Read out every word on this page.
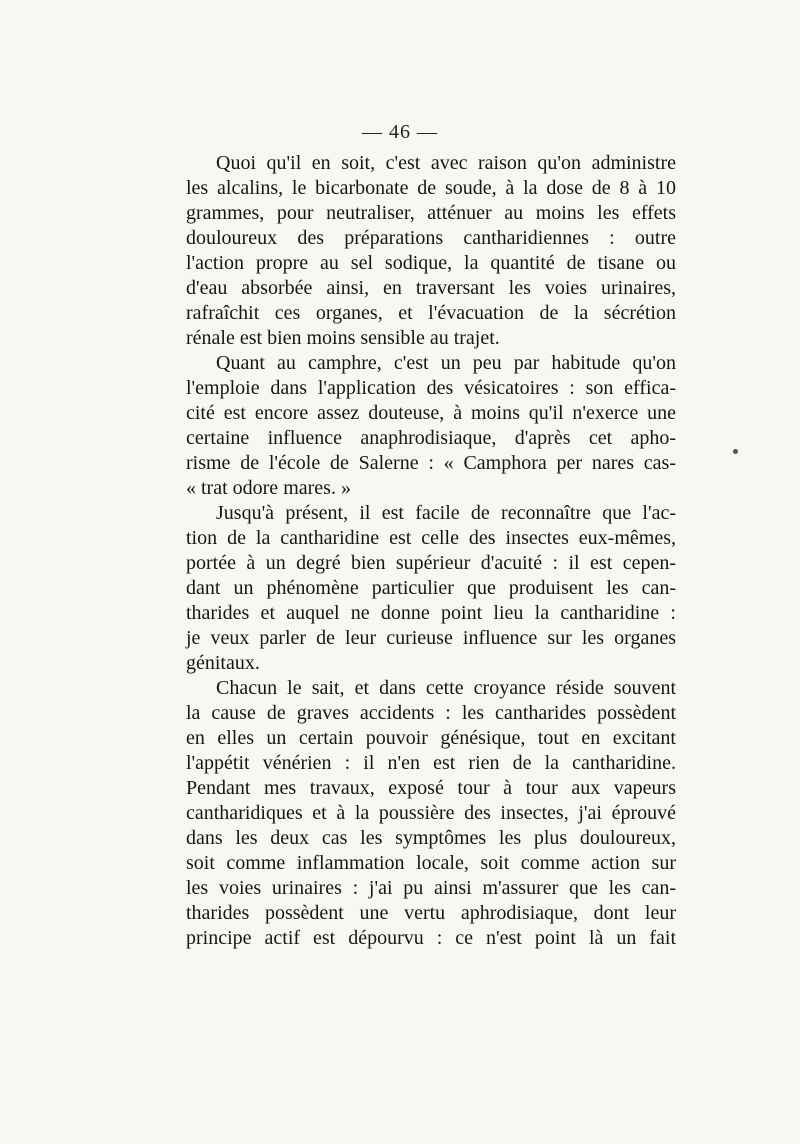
— 46 —
Quoi qu'il en soit, c'est avec raison qu'on administre
les alcalins, le bicarbonate de soude, à la dose de 8 à 10
grammes, pour neutraliser, atténuer au moins les effets
douloureux des préparations cantharidiennes : outre
l'action propre au sel sodique, la quantité de tisane ou
d'eau absorbée ainsi, en traversant les voies urinaires,
rafraîchit ces organes, et l'évacuation de la sécrétion
rénale est bien moins sensible au trajet.
Quant au camphre, c'est un peu par habitude qu'on
l'emploie dans l'application des vésicatoires : son effica-
cité est encore assez douteuse, à moins qu'il n'exerce une
certaine influence anaphrodisiaque, d'après cet apho-
risme de l'école de Salerne : « Camphora per nares cas-
« trat odore mares. »
Jusqu'à présent, il est facile de reconnaître que l'ac-
tion de la cantharidine est celle des insectes eux-mêmes,
portée à un degré bien supérieur d'acuité : il est cepen-
dant un phénomène particulier que produisent les can-
tharides et auquel ne donne point lieu la cantharidine :
je veux parler de leur curieuse influence sur les organes
génitaux.
Chacun le sait, et dans cette croyance réside souvent
la cause de graves accidents : les cantharides possèdent
en elles un certain pouvoir génésique, tout en excitant
l'appétit vénérien : il n'en est rien de la cantharidine.
Pendant mes travaux, exposé tour à tour aux vapeurs
cantharidiques et à la poussière des insectes, j'ai éprouvé
dans les deux cas les symptômes les plus douloureux,
soit comme inflammation locale, soit comme action sur
les voies urinaires : j'ai pu ainsi m'assurer que les can-
tharides possèdent une vertu aphrodisiaque, dont leur
principe actif est dépourvu : ce n'est point là un fait
